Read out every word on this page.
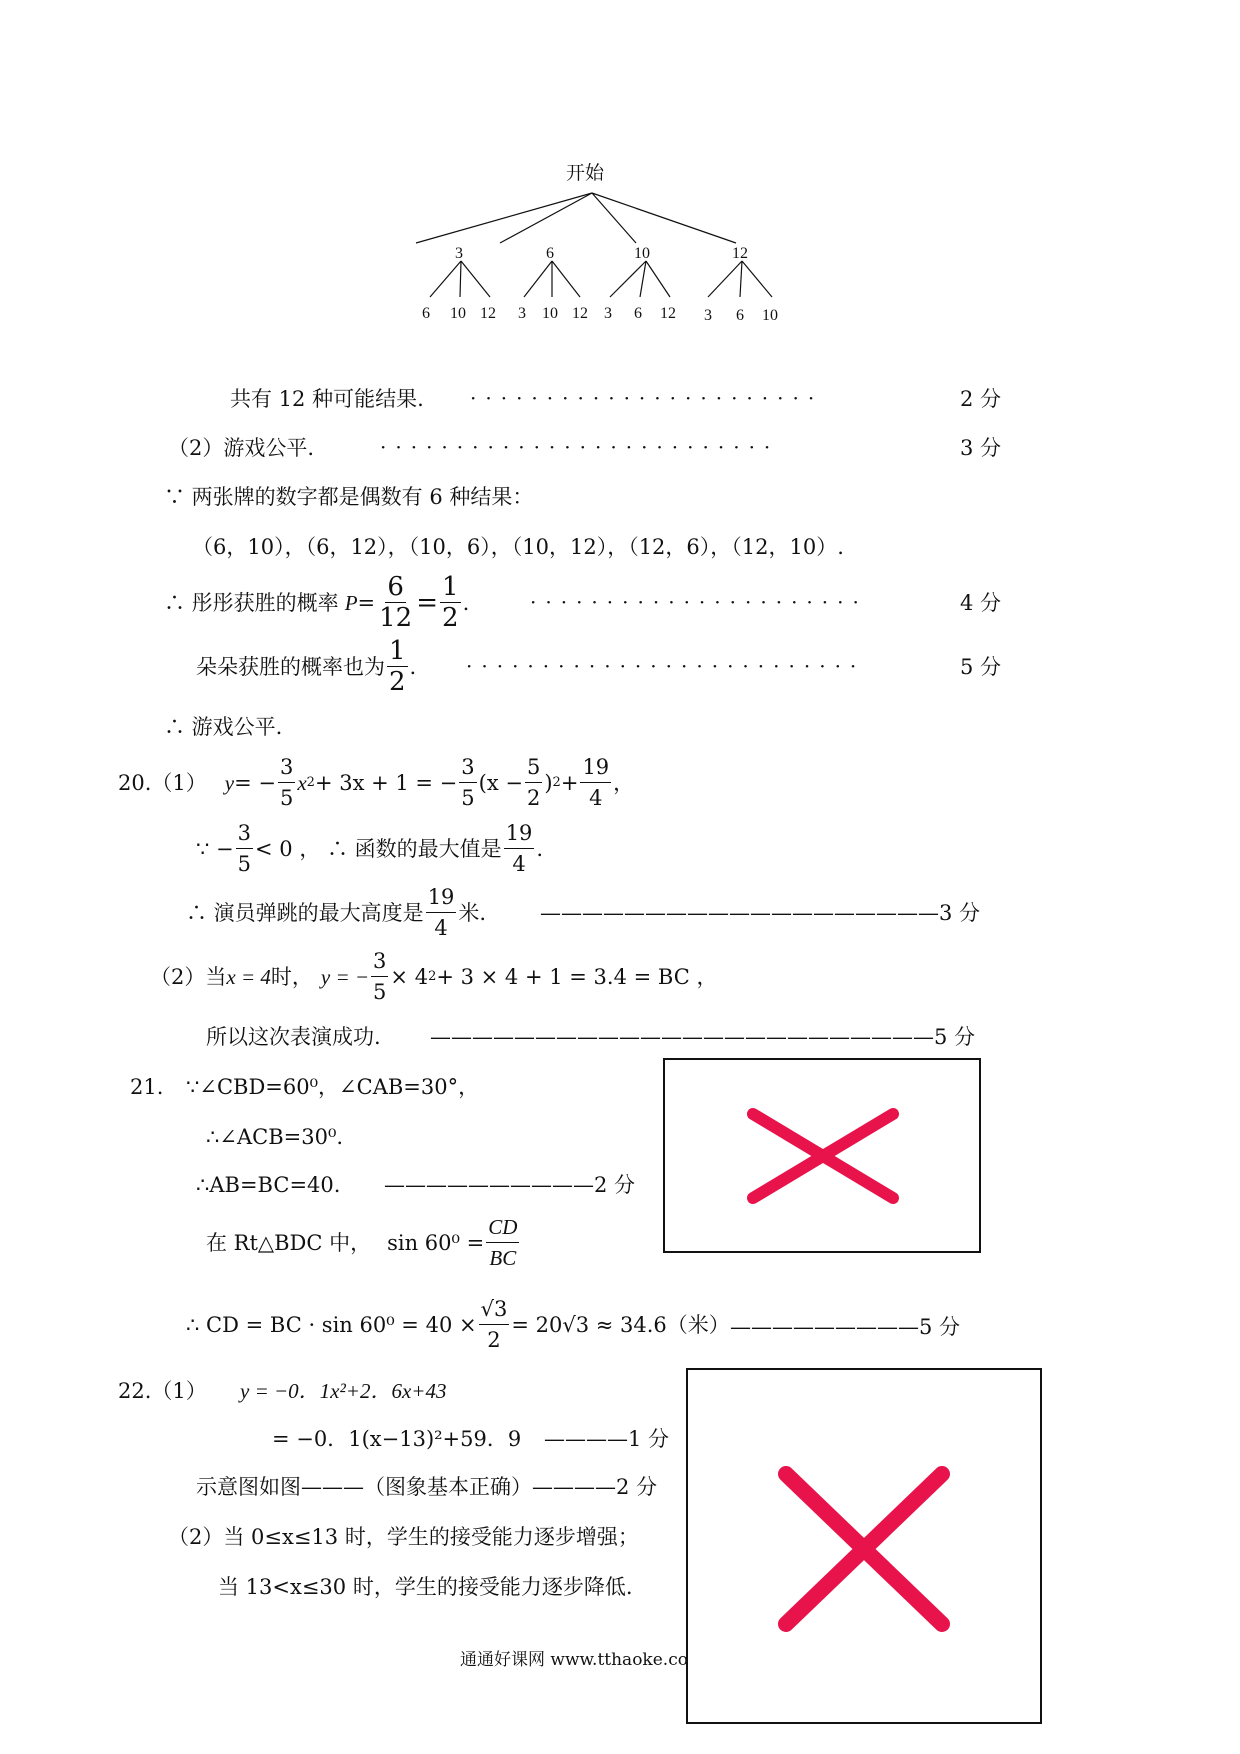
开始
3	6	10	12
6 10 12 3 10 12 3 6 12 3 6 10
共有 12 种可能结果. ·······················	2 分
（2）游戏公平.	··························	3 分
∵ 两张牌的数字都是偶数有 6 种结果：
（6，10），（6，12），（10，6），（10，12），（12，6），（12，10）.
∴ 彤彤获胜的概率 $P = \frac{6}{12} = \frac{1}{2}$ .	······················	4 分
朵朵获胜的概率也为 $\frac{1}{2}$ . ··························	5 分
∴ 游戏公平.
20.（1） y = − $\frac{3}{5}$ x 2 + 3x + 1 = − $\frac{3}{5} (x - \frac{5}{2}$ ) $2 + \frac{19}{4}$ ，
∵ − $\frac{3}{5} < 0$ ， ∴ 函数的最大值是 $\frac{19}{4}$ .
∴ 演员弹跳的最大高度是 $\frac{19}{4}$ 米.	———————————————————3 分
（2）当 x = 4 时， y = − $\frac{3}{5} \times 4$ 2 + 3 × 4 + 1 = 3.4 = BC ，
所以这次表演成功. ————————————————————————5 分
21. ∵∠CBD=60⁰，∠CAB=30°，
∴∠ACB=30⁰.
∴AB=BC=40. ——————————2 分
在 Rt△BDC 中， $\sin 60^0 = \frac{CD}{BC}$
∴ CD = BC · $\sin 60^0 = 40 \times \frac{√3}{2} = 20√3 \approx 34.6$（米） —————————5 分
22.（1） y = −0．1x²+2．6x+43
= −0．1(x−13)²+59．9 ————1 分
示意图如图———（图象基本正确）————2 分
（2）当 0≤x≤13 时，学生的接受能力逐步增强；
当 13<x≤30 时，学生的接受能力逐步降低.
通通好课网 www.tthaoke.co
